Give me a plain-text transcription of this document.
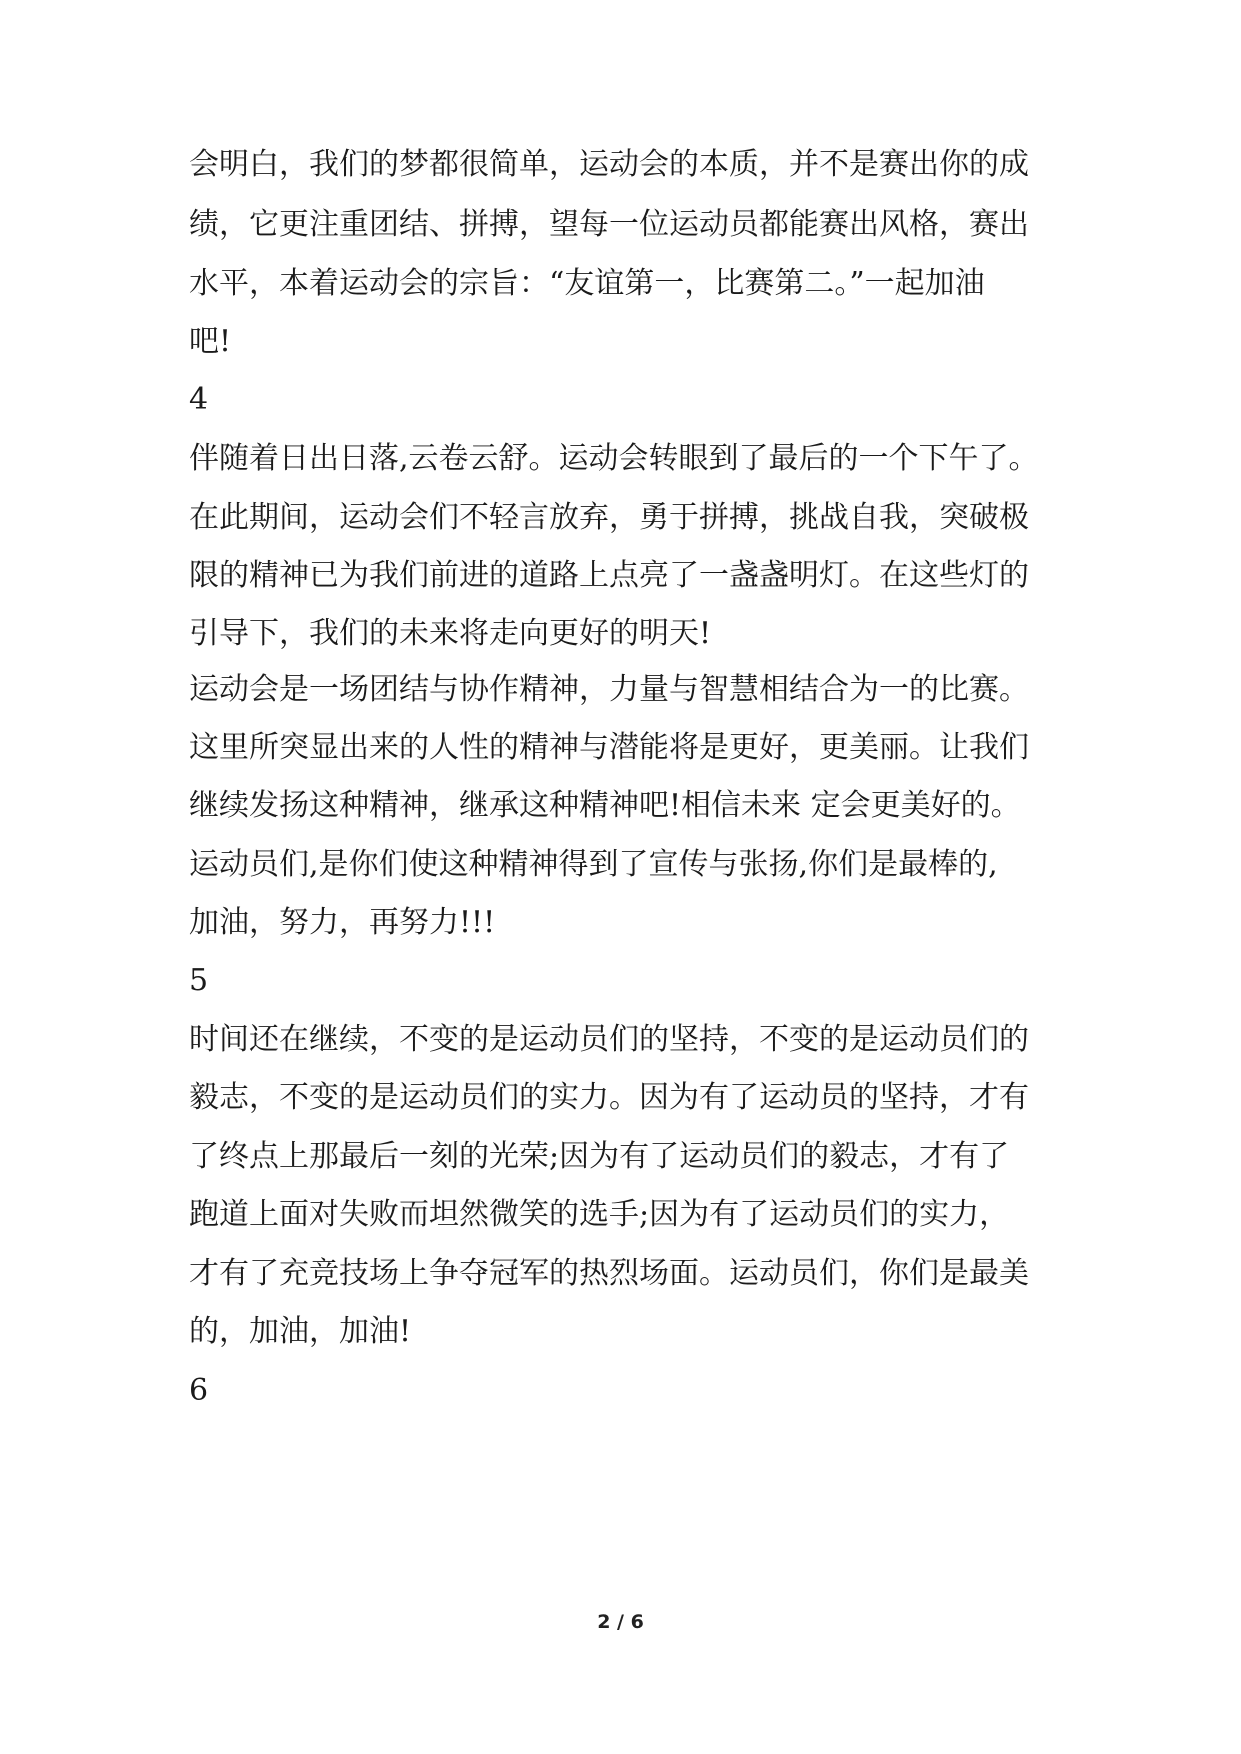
会明白，我们的梦都很简单，运动会的本质，并不是赛出你的成
绩，它更注重团结、拼搏，望每一位运动员都能赛出风格，赛出
水平，本着运动会的宗旨：“友谊第一，比赛第二。”一起加油
吧!
4
伴随着日出日落,云卷云舒。运动会转眼到了最后的一个下午了。
在此期间，运动会们不轻言放弃，勇于拼搏，挑战自我，突破极
限的精神已为我们前进的道路上点亮了一盏盏明灯。在这些灯的
引导下，我们的未来将走向更好的明天!
运动会是一场团结与协作精神，力量与智慧相结合为一的比赛。
这里所突显出来的人性的精神与潜能将是更好，更美丽。让我们
继续发扬这种精神，继承这种精神吧!相信未来 定会更美好的。
运动员们,是你们使这种精神得到了宣传与张扬,你们是最棒的,
加油，努力，再努力!!!
5
时间还在继续，不变的是运动员们的坚持，不变的是运动员们的
毅志，不变的是运动员们的实力。因为有了运动员的坚持，才有
了终点上那最后一刻的光荣;因为有了运动员们的毅志，才有了
跑道上面对失败而坦然微笑的选手;因为有了运动员们的实力，
才有了充竞技场上争夺冠军的热烈场面。运动员们，你们是最美
的，加油，加油!
6
2 / 6
